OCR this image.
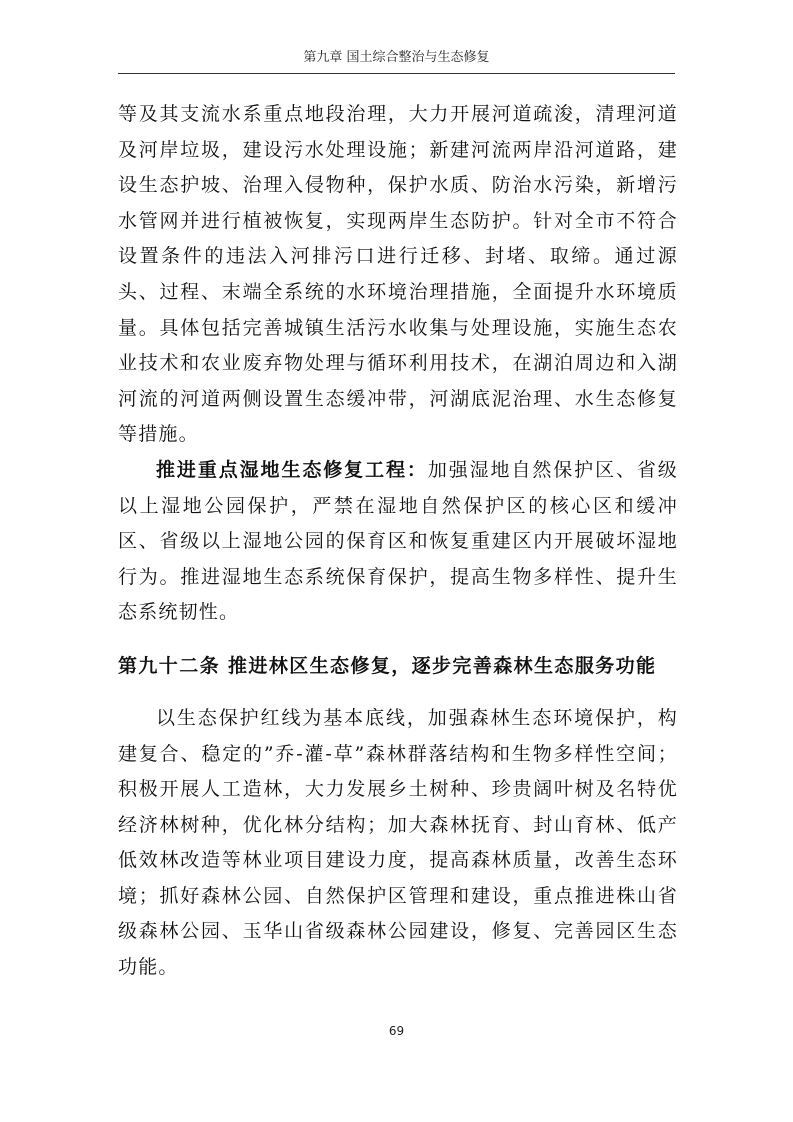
第九章 国土综合整治与生态修复

等及其支流水系重点地段治理，大力开展河道疏浚，清理河道及河岸垃圾，建设污水处理设施；新建河流两岸沿河道路，建设生态护坡、治理入侵物种，保护水质、防治水污染，新增污水管网并进行植被恢复，实现两岸生态防护。针对全市不符合设置条件的违法入河排污口进行迁移、封堵、取缔。通过源头、过程、末端全系统的水环境治理措施，全面提升水环境质量。具体包括完善城镇生活污水收集与处理设施，实施生态农业技术和农业废弃物处理与循环利用技术，在湖泊周边和入湖河流的河道两侧设置生态缓冲带，河湖底泥治理、水生态修复等措施。

推进重点湿地生态修复工程：加强湿地自然保护区、省级以上湿地公园保护，严禁在湿地自然保护区的核心区和缓冲区、省级以上湿地公园的保育区和恢复重建区内开展破坏湿地行为。推进湿地生态系统保育保护，提高生物多样性、提升生态系统韧性。

第九十二条 推进林区生态修复，逐步完善森林生态服务功能

以生态保护红线为基本底线，加强森林生态环境保护，构建复合、稳定的”乔-灌-草”森林群落结构和生物多样性空间；积极开展人工造林，大力发展乡土树种、珍贵阔叶树及名特优经济林树种，优化林分结构；加大森林抚育、封山育林、低产低效林改造等林业项目建设力度，提高森林质量，改善生态环境；抓好森林公园、自然保护区管理和建设，重点推进株山省级森林公园、玉华山省级森林公园建设，修复、完善园区生态功能。

69
